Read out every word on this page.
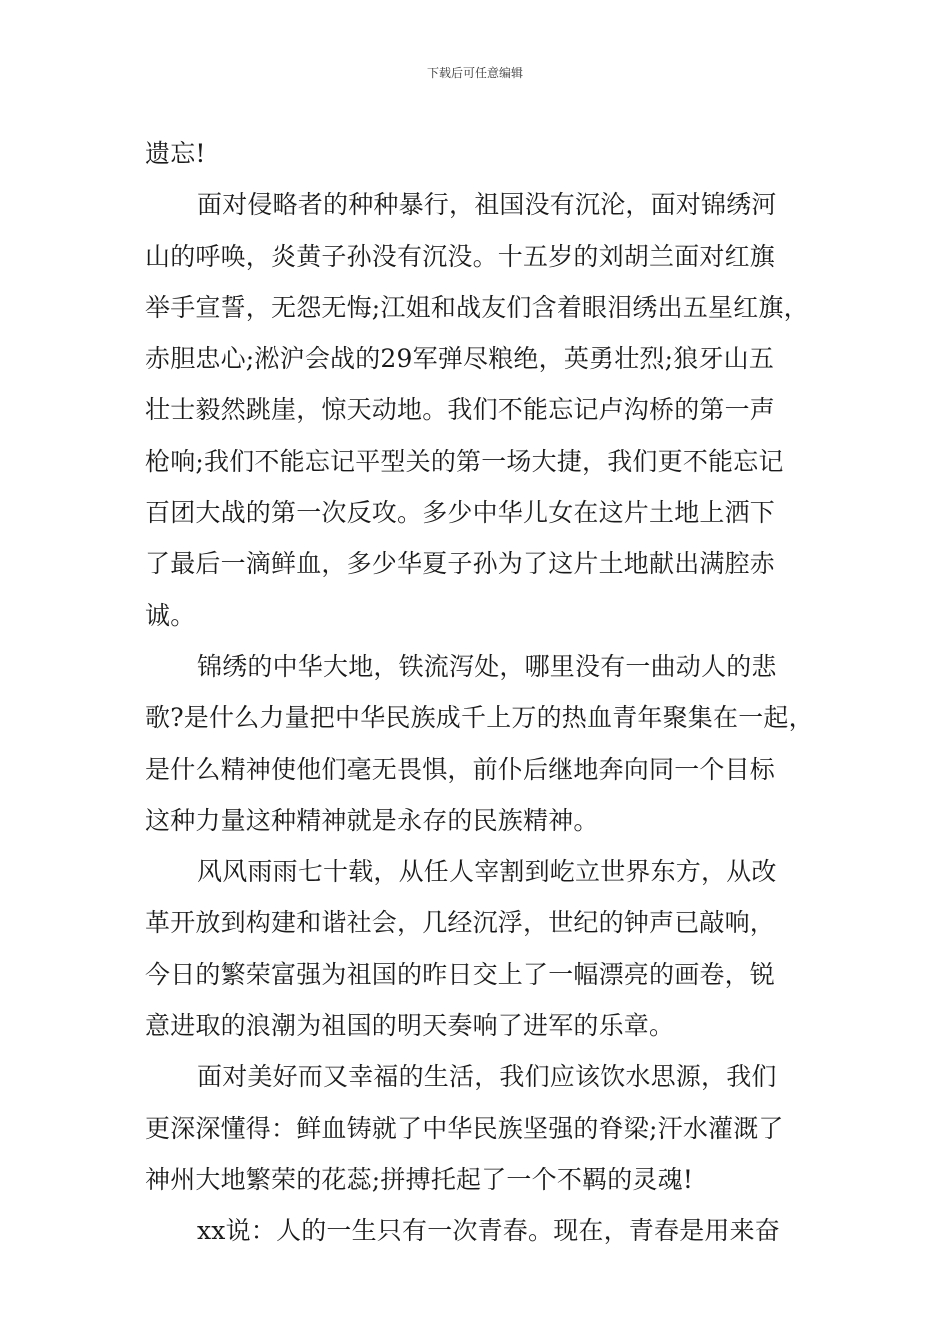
下载后可任意编辑
遗忘!
面对侵略者的种种暴行，祖国没有沉沦，面对锦绣河
山的呼唤，炎黄子孙没有沉没。十五岁的刘胡兰面对红旗
举手宣誓，无怨无悔;江姐和战友们含着眼泪绣出五星红旗，
赤胆忠心;淞沪会战的29军弹尽粮绝，英勇壮烈;狼牙山五
壮士毅然跳崖，惊天动地。我们不能忘记卢沟桥的第一声
枪响;我们不能忘记平型关的第一场大捷，我们更不能忘记
百团大战的第一次反攻。多少中华儿女在这片土地上洒下
了最后一滴鲜血，多少华夏子孙为了这片土地献出满腔赤
诚。
锦绣的中华大地，铁流泻处，哪里没有一曲动人的悲
歌?是什么力量把中华民族成千上万的热血青年聚集在一起，
是什么精神使他们毫无畏惧，前仆后继地奔向同一个目标
这种力量这种精神就是永存的民族精神。
风风雨雨七十载，从任人宰割到屹立世界东方，从改
革开放到构建和谐社会，几经沉浮，世纪的钟声已敲响，
今日的繁荣富强为祖国的昨日交上了一幅漂亮的画卷，锐
意进取的浪潮为祖国的明天奏响了进军的乐章。
面对美好而又幸福的生活，我们应该饮水思源，我们
更深深懂得：鲜血铸就了中华民族坚强的脊梁;汗水灌溉了
神州大地繁荣的花蕊;拼搏托起了一个不羁的灵魂!
xx说：人的一生只有一次青春。现在，青春是用来奋
